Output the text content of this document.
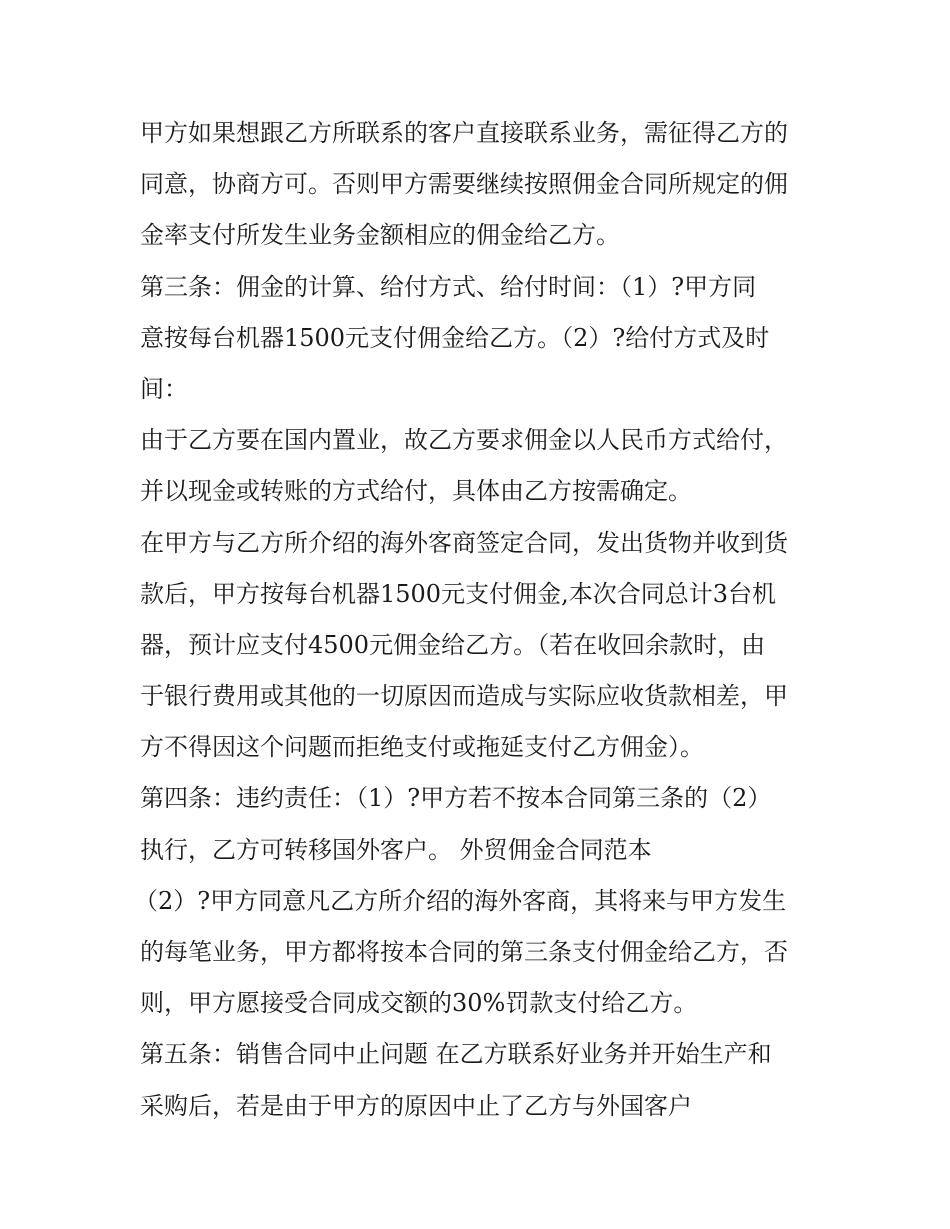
甲方如果想跟乙方所联系的客户直接联系业务，需征得乙方的
同意，协商方可。否则甲方需要继续按照佣金合同所规定的佣
金率支付所发生业务金额相应的佣金给乙方。
第三条：佣金的计算、给付方式、给付时间：（1）?甲方同
意按每台机器1500元支付佣金给乙方。（2）?给付方式及时
间：
由于乙方要在国内置业，故乙方要求佣金以人民币方式给付，
并以现金或转账的方式给付，具体由乙方按需确定。
在甲方与乙方所介绍的海外客商签定合同，发出货物并收到货
款后，甲方按每台机器1500元支付佣金,本次合同总计3台机
器，预计应支付4500元佣金给乙方。（若在收回余款时，由
于银行费用或其他的一切原因而造成与实际应收货款相差，甲
方不得因这个问题而拒绝支付或拖延支付乙方佣金）。
第四条：违约责任：（1）?甲方若不按本合同第三条的（2）
执行，乙方可转移国外客户。 外贸佣金合同范本
（2）?甲方同意凡乙方所介绍的海外客商，其将来与甲方发生
的每笔业务，甲方都将按本合同的第三条支付佣金给乙方，否
则，甲方愿接受合同成交额的30%罚款支付给乙方。
第五条：销售合同中止问题 在乙方联系好业务并开始生产和
采购后，若是由于甲方的原因中止了乙方与外国客户
